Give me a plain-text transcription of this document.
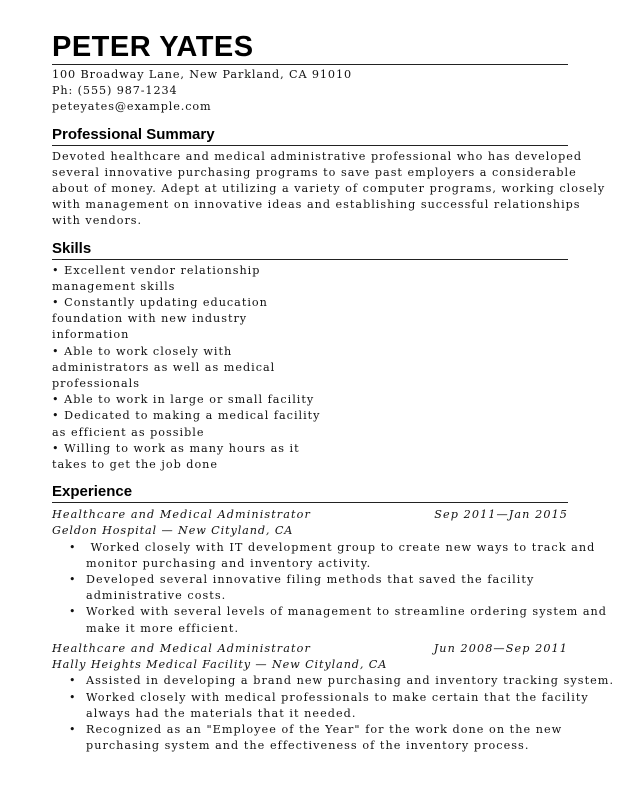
PETER YATES
100 Broadway Lane, New Parkland, CA 91010
Ph: (555) 987-1234
peteyates@example.com
Professional Summary
Devoted healthcare and medical administrative professional who has developed
several innovative purchasing programs to save past employers a considerable
about of money. Adept at utilizing a variety of computer programs, working closely
with management on innovative ideas and establishing successful relationships
with vendors.
Skills
• Excellent vendor relationship
management skills
• Constantly updating education
foundation with new industry
information
• Able to work closely with
administrators as well as medical
professionals
• Able to work in large or small facility
• Dedicated to making a medical facility
as efficient as possible
• Willing to work as many hours as it
takes to get the job done
Experience
Healthcare and Medical Administrator	Sep 2011—Jan 2015
Geldon Hospital — New Cityland, CA
• Worked closely with IT development group to create new ways to track and
monitor purchasing and inventory activity.
• Developed several innovative filing methods that saved the facility
administrative costs.
• Worked with several levels of management to streamline ordering system and
make it more efficient.
Healthcare and Medical Administrator	Jun 2008—Sep 2011
Hally Heights Medical Facility — New Cityland, CA
• Assisted in developing a brand new purchasing and inventory tracking system.
• Worked closely with medical professionals to make certain that the facility
always had the materials that it needed.
• Recognized as an "Employee of the Year" for the work done on the new
purchasing system and the effectiveness of the inventory process.
